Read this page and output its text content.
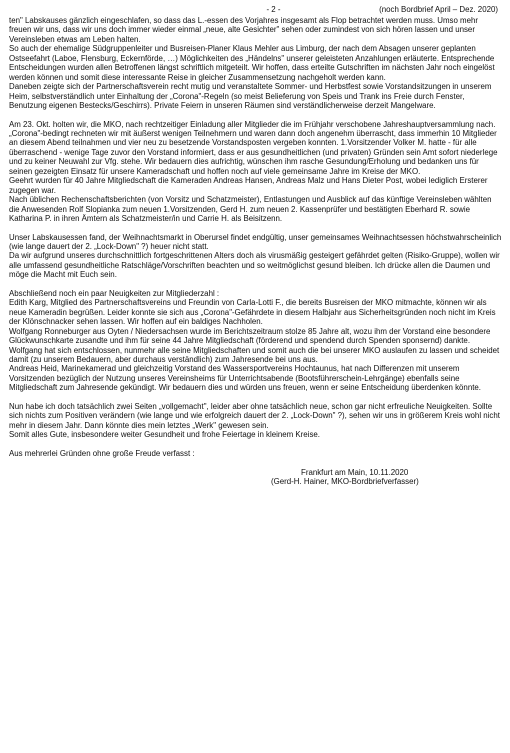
- 2 -	(noch Bordbrief April – Dez. 2020)

ten" Labskauses gänzlich eingeschlafen, so dass das L.-essen des Vorjahres insgesamt als Flop betrachtet werden muss. Umso mehr freuen wir uns, dass wir uns doch immer wieder einmal „neue, alte Gesichter" sehen oder zumindest von sich hören lassen und unser Vereinsleben etwas am Leben halten.

So auch der ehemalige Südgruppenleiter und Busreisen-Planer Klaus Mehler aus Limburg, der nach dem Absagen unserer geplanten Ostseefahrt (Laboe, Flensburg, Eckernförde, …) Möglichkeiten des „Händelns" unserer geleisteten Anzahlungen erläuterte. Entsprechende Entscheidungen wurden allen Betroffenen längst schriftlich mitgeteilt. Wir hoffen, dass erteilte Gutschriften im nächsten Jahr noch eingelöst werden können und somit diese interessante Reise in gleicher Zusammensetzung nachgeholt werden kann.

Daneben zeigte sich der Partnerschaftsverein recht mutig und veranstaltete Sommer- und Herbstfest sowie Vorstandsitzungen in unserem Heim, selbstverständlich unter Einhaltung der „Corona"-Regeln (so meist Belieferung von Speis und Trank ins Freie durch Fenster, Benutzung eigenen Bestecks/Geschirrs). Private Feiern in unseren Räumen sind verständlicherweise derzeit Mangelware.

Am 23. Okt. holten wir, die MKO, nach rechtzeitiger Einladung aller Mitglieder die im Frühjahr verschobene Jahreshauptversammlung nach. „Corona"-bedingt rechneten wir mit äußerst wenigen Teilnehmern und waren dann doch angenehm überrascht, dass immerhin 10 Mitglieder an diesem Abend teilnahmen und vier neu zu besetzende Vorstandsposten vergeben konnten. 1.Vorsitzender Volker M. hatte - für alle überraschend - wenige Tage zuvor den Vorstand informiert, dass er aus gesundheitlichen (und privaten) Gründen sein Amt sofort niederlege und zu keiner Neuwahl zur Vfg. stehe. Wir bedauern dies aufrichtig, wünschen ihm rasche Gesundung/Erholung und bedanken uns für seinen gezeigten Einsatz für unsere Kameradschaft und hoffen noch auf viele gemeinsame Jahre im Kreise der MKO.

Geehrt wurden für 40 Jahre Mitgliedschaft die Kameraden Andreas Hansen, Andreas Malz und Hans Dieter Post, wobei lediglich Ersterer zugegen war.

Nach üblichen Rechenschaftsberichten (von Vorsitz und Schatzmeister), Entlastungen und Ausblick auf das künftige Vereinsleben wählten die Anwesenden Rolf Slopianka zum neuen 1.Vorsitzenden, Gerd H. zum neuen 2. Kassenprüfer und bestätigten Eberhard R. sowie Katharina P. in ihren Ämtern als Schatzmeister/in und Carrie H. als Beisitzenn.

Unser Labskausessen fand, der Weihnachtsmarkt in Oberursel findet endgültig, unser gemeinsames Weihnachtsessen höchstwahrscheinlich (wie lange dauert der 2. „Lock-Down" ?) heuer nicht statt.

Da wir aufgrund unseres durchschnittlich fortgeschrittenen Alters doch als virusmäßig gesteigert gefährdet gelten (Risiko-Gruppe), wollen wir alle umfassend gesundheitliche Ratschläge/Vorschriften beachten und so weitmöglichst gesund bleiben. Ich drücke allen die Daumen und möge die Macht mit Euch sein.

Abschließend noch ein paar Neuigkeiten zur Mitgliederzahl :

Edith Karg, Mitglied des Partnerschaftsvereins und Freundin von Carla-Lotti F., die bereits Busreisen der MKO mitmachte, können wir als neue Kameradin begrüßen. Leider konnte sie sich aus „Corona"-Gefährdete in diesem Halbjahr aus Sicherheitsgründen noch nicht im Kreis der Klönschnacker sehen lassen. Wir hoffen auf ein baldiges Nachholen.

Wolfgang Ronneburger aus Oyten / Niedersachsen wurde im Berichtszeitraum stolze 85 Jahre alt, wozu ihm der Vorstand eine besondere Glückwunschkarte zusandte und ihm für seine 44 Jahre Mitgliedschaft (förderend und spendend durch Spenden sponsernd) dankte. Wolfgang hat sich entschlossen, nunmehr alle seine Mitgliedschaften und somit auch die bei unserer MKO auslaufen zu lassen und scheidet damit (zu unserem Bedauern, aber durchaus verständlich) zum Jahresende bei uns aus.

Andreas Heid, Marinekamerad und gleichzeitig Vorstand des Wassersportvereins Hochtaunus, hat nach Differenzen mit unserem Vorsitzenden bezüglich der Nutzung unseres Vereinsheims für Unterrichtsabende (Bootsführerschein-Lehrgänge) ebenfalls seine Mitgliedschaft zum Jahresende gekündigt. Wir bedauern dies und würden uns freuen, wenn er seine Entscheidung überdenken könnte.

Nun habe ich doch tatsächlich zwei Seiten „vollgemacht", leider aber ohne tatsächlich neue, schon gar nicht erfreuliche Neuigkeiten. Sollte sich nichts zum Positiven verändern (wie lange und wie erfolgreich dauert der 2. „Lock-Down" ?), sehen wir uns in größerem Kreis wohl nicht mehr in diesem Jahr. Dann könnte dies mein letztes „Werk" gewesen sein.

Somit alles Gute, insbesondere weiter Gesundheit und frohe Feiertage in kleinem Kreise.

Aus mehrerlei Gründen ohne große Freude verfasst :

Frankfurt am Main, 10.11.2020

(Gerd-H. Hainer, MKO-Bordbriefverfasser)
